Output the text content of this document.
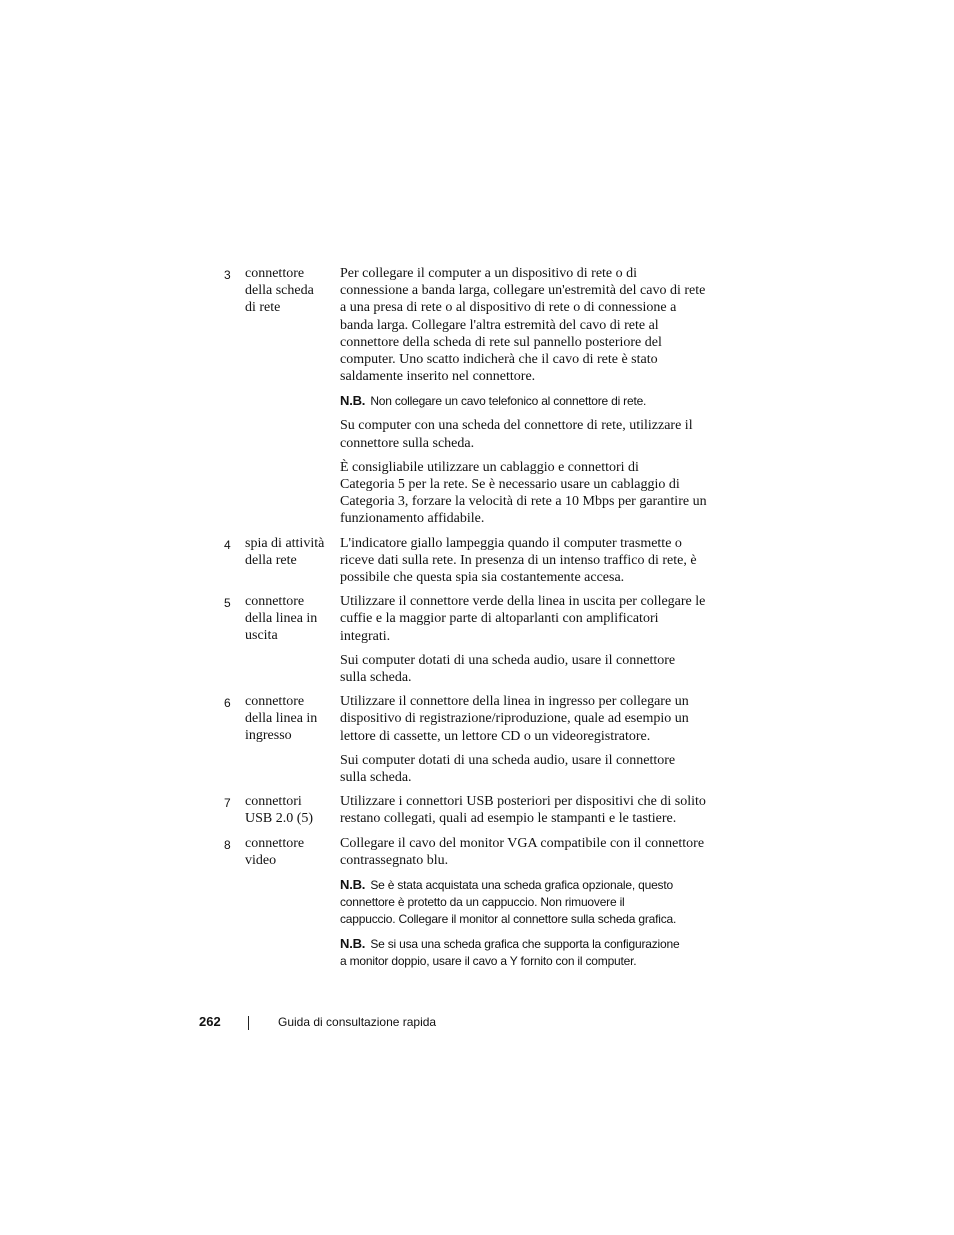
3	connettore
della scheda
di rete

Per collegare il computer a un dispositivo di rete o di
connessione a banda larga, collegare un'estremità del cavo di rete
a una presa di rete o al dispositivo di rete o di connessione a
banda larga. Collegare l'altra estremità del cavo di rete al
connettore della scheda di rete sul pannello posteriore del
computer. Uno scatto indicherà che il cavo di rete è stato
saldamente inserito nel connettore.

N.B. Non collegare un cavo telefonico al connettore di rete.

Su computer con una scheda del connettore di rete, utilizzare il
connettore sulla scheda.

È consigliabile utilizzare un cablaggio e connettori di
Categoria 5 per la rete. Se è necessario usare un cablaggio di
Categoria 3, forzare la velocità di rete a 10 Mbps per garantire un
funzionamento affidabile.

4	spia di attività
della rete

L'indicatore giallo lampeggia quando il computer trasmette o
riceve dati sulla rete. In presenza di un intenso traffico di rete, è
possibile che questa spia sia costantemente accesa.

5	connettore
della linea in
uscita

Utilizzare il connettore verde della linea in uscita per collegare le
cuffie e la maggior parte di altoparlanti con amplificatori
integrati.

Sui computer dotati di una scheda audio, usare il connettore
sulla scheda.

6	connettore
della linea in
ingresso

Utilizzare il connettore della linea in ingresso per collegare un
dispositivo di registrazione/riproduzione, quale ad esempio un
lettore di cassette, un lettore CD o un videoregistratore.

Sui computer dotati di una scheda audio, usare il connettore
sulla scheda.

7	connettori
USB 2.0 (5)

Utilizzare i connettori USB posteriori per dispositivi che di solito
restano collegati, quali ad esempio le stampanti e le tastiere.

8	connettore
video

Collegare il cavo del monitor VGA compatibile con il connettore
contrassegnato blu.

N.B. Se è stata acquistata una scheda grafica opzionale, questo
connettore è protetto da un cappuccio. Non rimuovere il
cappuccio. Collegare il monitor al connettore sulla scheda grafica.

N.B. Se si usa una scheda grafica che supporta la configurazione
a monitor doppio, usare il cavo a Y fornito con il computer.

262	Guida di consultazione rapida
